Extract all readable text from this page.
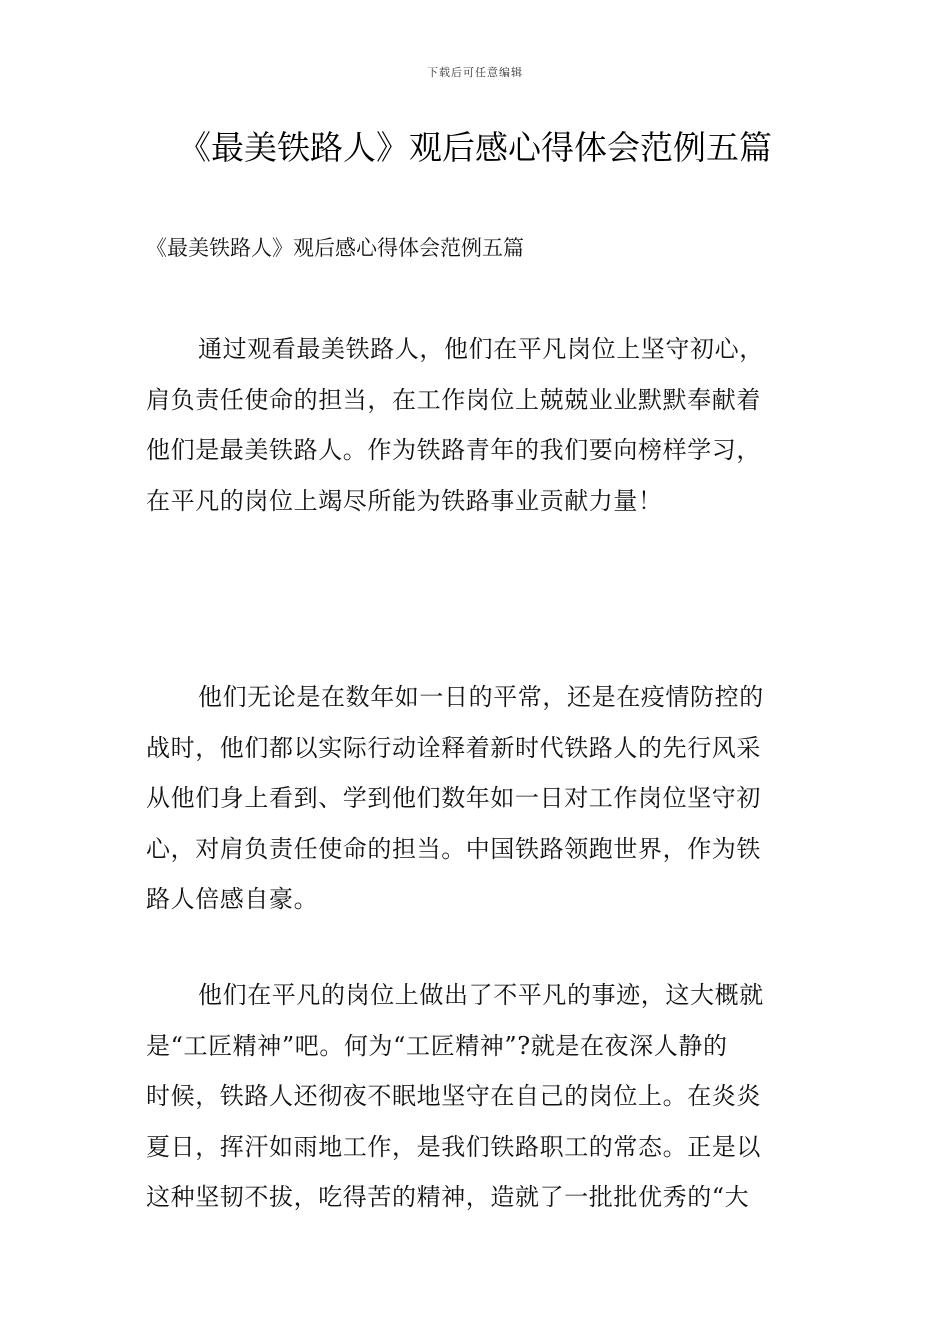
下载后可任意编辑
《最美铁路人》观后感心得体会范例五篇

《最美铁路人》观后感心得体会范例五篇

通过观看最美铁路人，他们在平凡岗位上坚守初心，
肩负责任使命的担当，在工作岗位上兢兢业业默默奉献着
他们是最美铁路人。作为铁路青年的我们要向榜样学习，
在平凡的岗位上竭尽所能为铁路事业贡献力量！
他们无论是在数年如一日的平常，还是在疫情防控的
战时，他们都以实际行动诠释着新时代铁路人的先行风采
从他们身上看到、学到他们数年如一日对工作岗位坚守初
心，对肩负责任使命的担当。中国铁路领跑世界，作为铁
路人倍感自豪。
他们在平凡的岗位上做出了不平凡的事迹，这大概就
是“工匠精神”吧。何为“工匠精神”?就是在夜深人静的
时候，铁路人还彻夜不眠地坚守在自己的岗位上。在炎炎
夏日，挥汗如雨地工作，是我们铁路职工的常态。正是以
这种坚韧不拔，吃得苦的精神，造就了一批批优秀的“大
